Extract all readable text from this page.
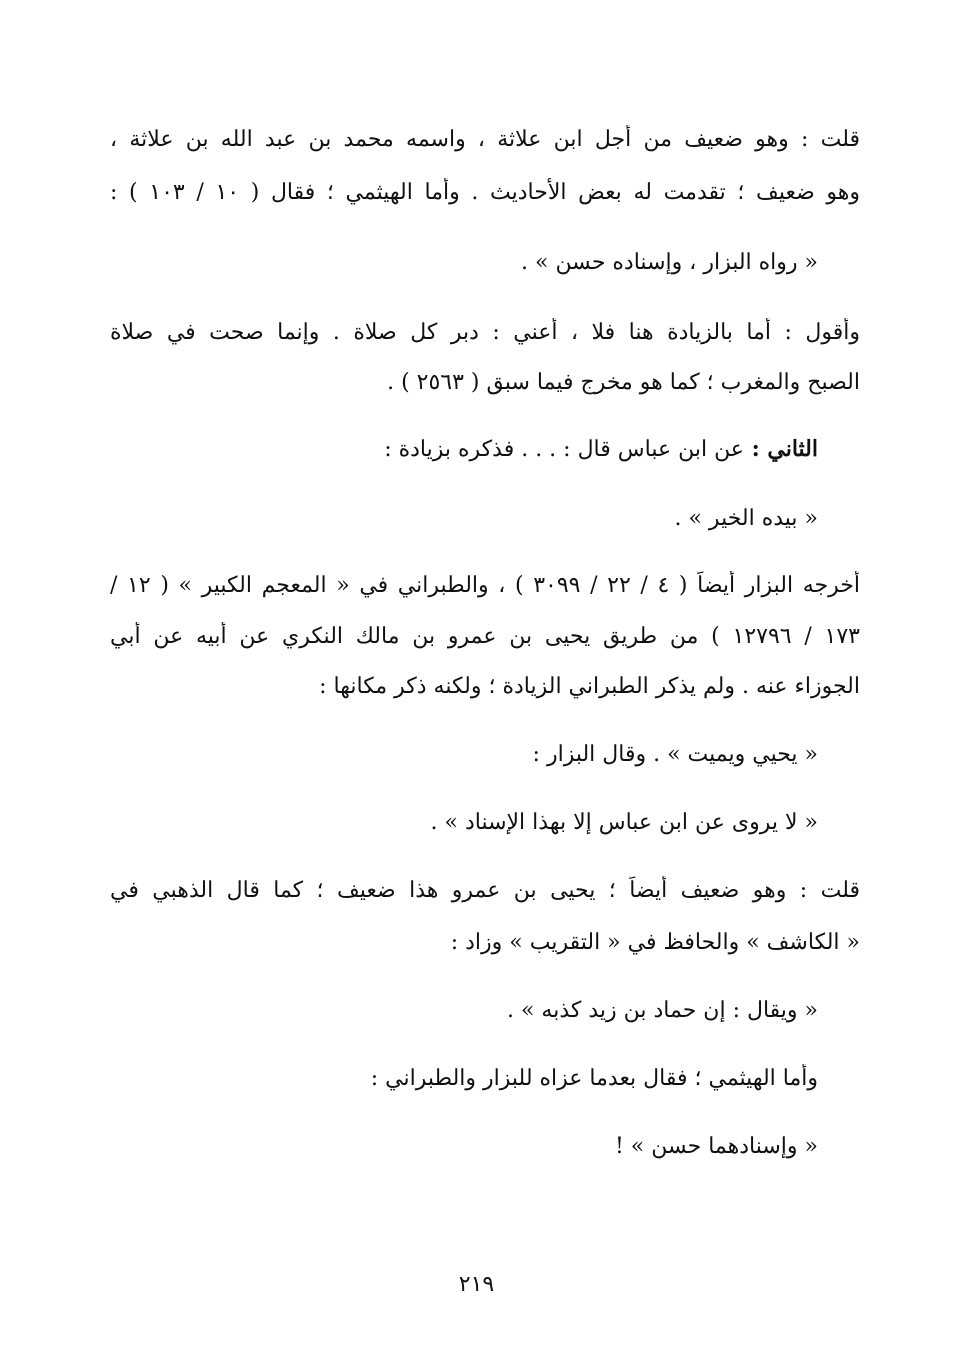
قلت : وهو ضعيف من أجل ابن علاثة ، واسمه محمد بن عبد الله بن علاثة ،
وهو ضعيف ؛ تقدمت له بعض الأحاديث . وأما الهيثمي ؛ فقال ( ١٠ / ١٠٣ ) :
« رواه البزار ، وإسناده حسن » .
وأقول : أما بالزيادة هنا فلا ، أعني : دبر كل صلاة . وإنما صحت في صلاة
الصبح والمغرب ؛ كما هو مخرج فيما سبق ( ٢٥٦٣ ) .
الثاني : عن ابن عباس قال : . . . فذكره بزيادة :
« بيده الخير » .
أخرجه البزار أيضاً ( ٤ / ٢٢ / ٣٠٩٩ ) ، والطبراني في « المعجم الكبير » ( ١٢ /
١٧٣ / ١٢٧٩٦ ) من طريق يحيى بن عمرو بن مالك النكري عن أبيه عن أبي
الجوزاء عنه . ولم يذكر الطبراني الزيادة ؛ ولكنه ذكر مكانها :
« يحيي ويميت » . وقال البزار :
« لا يروى عن ابن عباس إلا بهذا الإسناد » .
قلت : وهو ضعيف أيضاً ؛ يحيى بن عمرو هذا ضعيف ؛ كما قال الذهبي في
« الكاشف » والحافظ في « التقريب » وزاد :
« ويقال : إن حماد بن زيد كذبه » .
وأما الهيثمي ؛ فقال بعدما عزاه للبزار والطبراني :
« وإسنادهما حسن » !
٢١٩
